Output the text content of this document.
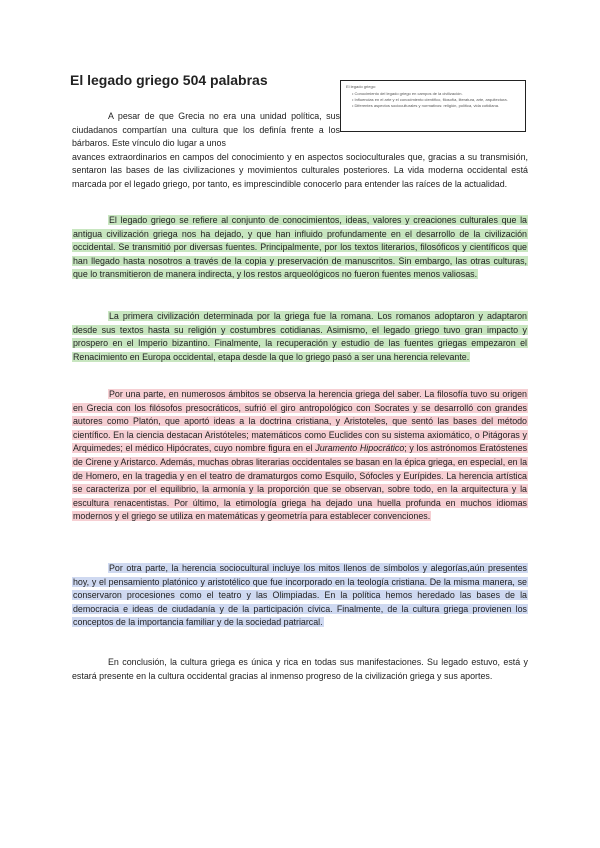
El legado griego 504 palabras	El legado griego:
• Conocimiento del legado griego en campos de la civilización.
• Influencias en el arte y el conocimiento científico, filosofía, literatura, arte, arquitectura.
• Diferentes aspectos socioculturales y normativos: religión, política, vida cotidiana.

A pesar de que Grecia no era una unidad política, sus ciudadanos compartían una cultura que los definía frente a los bárbaros. Este vínculo dio lugar a unos

avances extraordinarios en campos del conocimiento y en aspectos socioculturales que, gracias a su transmisión, sentaron las bases de las civilizaciones y movimientos culturales posteriores. La vida moderna occidental está marcada por el legado griego, por tanto, es imprescindible conocerlo para entender las raíces de la actualidad.

El legado griego se refiere al conjunto de conocimientos, ideas, valores y creaciones culturales que la antigua civilización griega nos ha dejado, y que han influido profundamente en el desarrollo de la civilización occidental. Se transmitió por diversas fuentes. Principalmente, por los textos literarios, filosóficos y científicos que han llegado hasta nosotros a través de la copia y preservación de manuscritos. Sin embargo, las otras culturas, que lo transmitieron de manera indirecta, y los restos arqueológicos no fueron fuentes menos valiosas.

La primera civilización determinada por la griega fue la romana. Los romanos adoptaron y adaptaron desde sus textos hasta su religión y costumbres cotidianas. Asimismo, el legado griego tuvo gran impacto y prospero en el Imperio bizantino. Finalmente, la recuperación y estudio de las fuentes griegas empezaron el Renacimiento en Europa occidental, etapa desde la que lo griego pasó a ser una herencia relevante.

Por una parte, en numerosos ámbitos se observa la herencia griega del saber. La filosofía tuvo su origen en Grecia con los filósofos presocráticos, sufrió el giro antropológico con Socrates y se desarrolló con grandes autores como Platón, que aportó ideas a la doctrina cristiana, y Aristoteles, que sentó las bases del método científico. En la ciencia destacan Aristóteles; matemáticos como Euclides con su sistema axiomático, o Pitágoras y Arquimedes; el médico Hipócrates, cuyo nombre figura en el Juramento Hipocrático; y los astrónomos Eratóstenes de Cirene y Aristarco. Además, muchas obras literarias occidentales se basan en la épica griega, en especial, en la de Homero, en la tragedia y en el teatro de dramaturgos como Esquilo, Sófocles y Eurípides. La herencia artística se caracteriza por el equilibrio, la armonía y la proporción que se observan, sobre todo, en la arquitectura y la escultura renacentistas. Por último, la etimología griega ha dejado una huella profunda en muchos idiomas modernos y el griego se utiliza en matemáticas y geometría para establecer convenciones.

Por otra parte, la herencia sociocultural incluye los mitos llenos de símbolos y alegorías,aún presentes hoy, y el pensamiento platónico y aristotélico que fue incorporado en la teología cristiana. De la misma manera, se conservaron procesiones como el teatro y las Olimpiadas. En la política hemos heredado las bases de la democracia e ideas de ciudadanía y de la participación cívica. Finalmente, de la cultura griega provienen los conceptos de la importancia familiar y de la sociedad patriarcal.

En conclusión, la cultura griega es única y rica en todas sus manifestaciones. Su legado estuvo, está y estará presente en la cultura occidental gracias al inmenso progreso de la civilización griega y sus aportes.
